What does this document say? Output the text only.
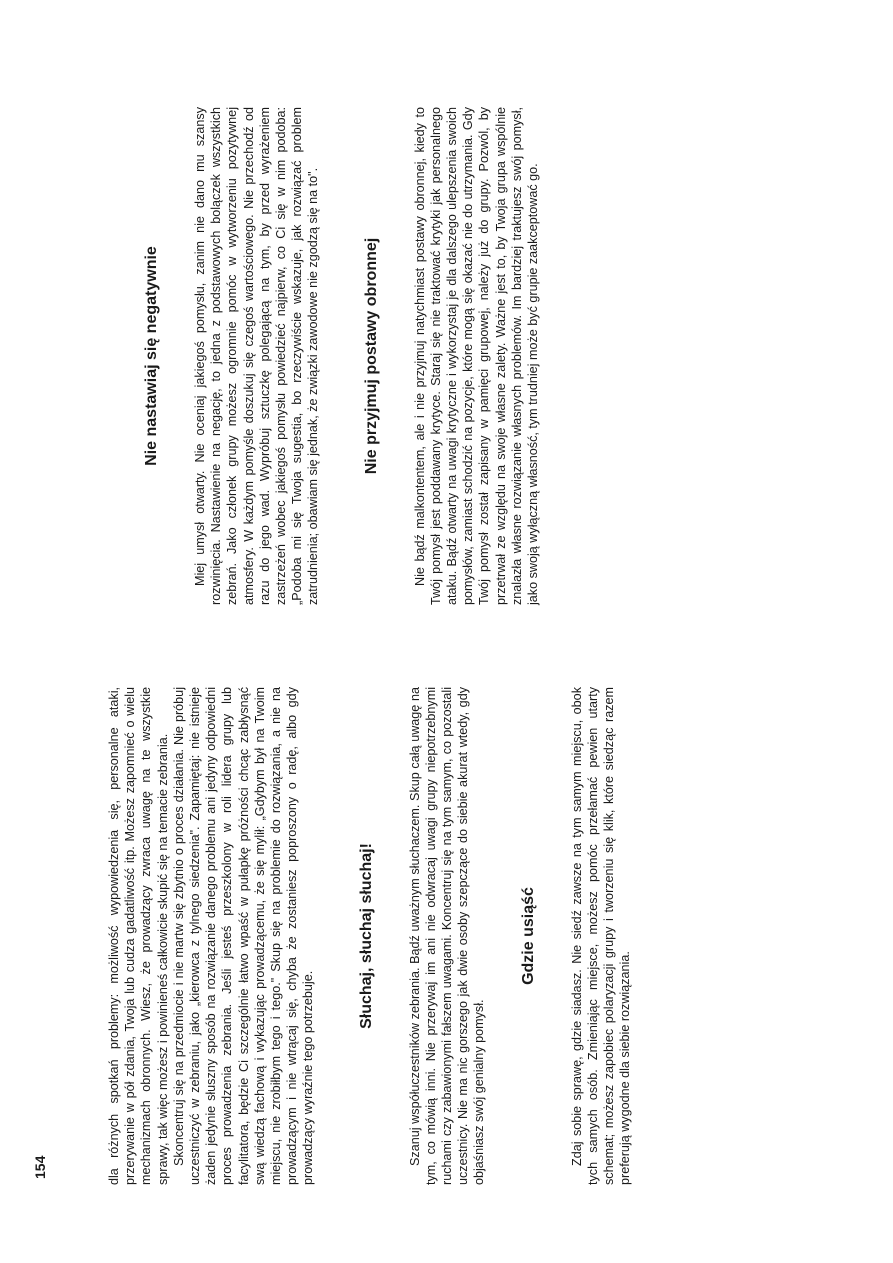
154	dla różnych spotkań problemy: możliwość wypowiedzenia się, personalne ataki, przerywanie w pół zdania, Twoja lub cudza gadatliwość itp. Możesz zapomnieć o wielu mechanizmach obronnych. Wiesz, że prowadzący zwraca uwagę na te wszystkie sprawy, tak więc możesz i powinieneś całkowicie skupić się na temacie zebrania. Skoncentruj się na przedmiocie i nie martw się zbytnio o proces działania. Nie próbuj uczestniczyć w zebraniu, jako „kierowca z tylnego siedzenia". Zapamiętaj: nie istnieje żaden jedynie słuszny sposób na rozwiązanie danego problemu ani jedyny odpowiedni proces prowadzenia zebrania. Jeśli jesteś przeszkolony w roli lidera grupy lub facylitatora, będzie Ci szczególnie łatwo wpaść w pułapkę próżności chcąc zabłysnąć swą wiedzą fachową i wykazując prowadzącemu, że się mylił: „Gdybym był na Twoim miejscu, nie zrobiłbym tego i tego." Skup się na problemie do rozwiązania, a nie na prowadzącym i nie wtrącaj się, chyba że zostaniesz poproszony o radę, albo gdy prowadzący wyraźnie tego potrzebuje.

Słuchaj, słuchaj słuchaj!	Szanuj współuczestników zebrania. Bądź uważnym słuchaczem. Skup całą uwagę na tym, co mówią inni. Nie przerywaj im ani nie odwracaj uwagi grupy niepotrzebnymi ruchami czy zabawionymi fałszem uwagami. Koncentruj się na tym samym, co pozostali uczestnicy. Nie ma nic gorszego jak dwie osoby szepczące do siebie akurat wtedy, gdy objaśniasz swój genialny pomysł.

Gdzie usiąść	Zdaj sobie sprawę, gdzie siadasz. Nie siedź zawsze na tym samym miejscu, obok tych samych osób. Zmieniając miejsce, możesz pomóc przełamać pewien utarty schemat; możesz zapobiec polaryzacji grupy i tworzeniu się klik, które siedząc razem preferują wygodne dla siebie rozwiązania.

Nie nastawiaj się negatywnie	Miej umysł otwarty. Nie oceniaj jakiegoś pomysłu, zanim nie dano mu szansy rozwinięcia. Nastawienie na negację, to jedna z podstawowych bolączek wszystkich zebrań. Jako członek grupy możesz ogromnie pomóc w wytworzeniu pozytywnej atmosfery. W każdym pomyśle doszukuj się czegoś wartościowego. Nie przechodź od razu do jego wad. Wypróbuj sztuczkę polegającą na tym, by przed wyrażeniem zastrzeżeń wobec jakiegoś pomysłu powiedzieć najpierw, co Ci się w nim podoba: „Podoba mi się Twoja sugestia, bo rzeczywiście wskazuje, jak rozwiązać problem zatrudnienia; obawiam się jednak, że związki zawodowe nie zgodzą się na to".	Nie przyjmuj postawy obronnej	Nie bądź malkontentem, ale i nie przyjmuj natychmiast postawy obronnej, kiedy to Twój pomysł jest poddawany krytyce. Staraj się nie traktować krytyki jak personalnego ataku. Bądź otwarty na uwagi krytyczne i wykorzystaj je dla dalszego ulepszenia swoich pomysłów, zamiast schodzić na pozycje, które mogą się okazać nie do utrzymania. Gdy Twój pomysł został zapisany w pamięci grupowej, należy już do grupy. Pozwól, by przetrwał ze względu na swoje własne zalety. Ważne jest to, by Twoja grupa wspólnie znalazła własne rozwiązanie własnych problemów. Im bardziej traktujesz swój pomysł, jako swoją wyłączną własność, tym trudniej może być grupie zaakceptować go.
